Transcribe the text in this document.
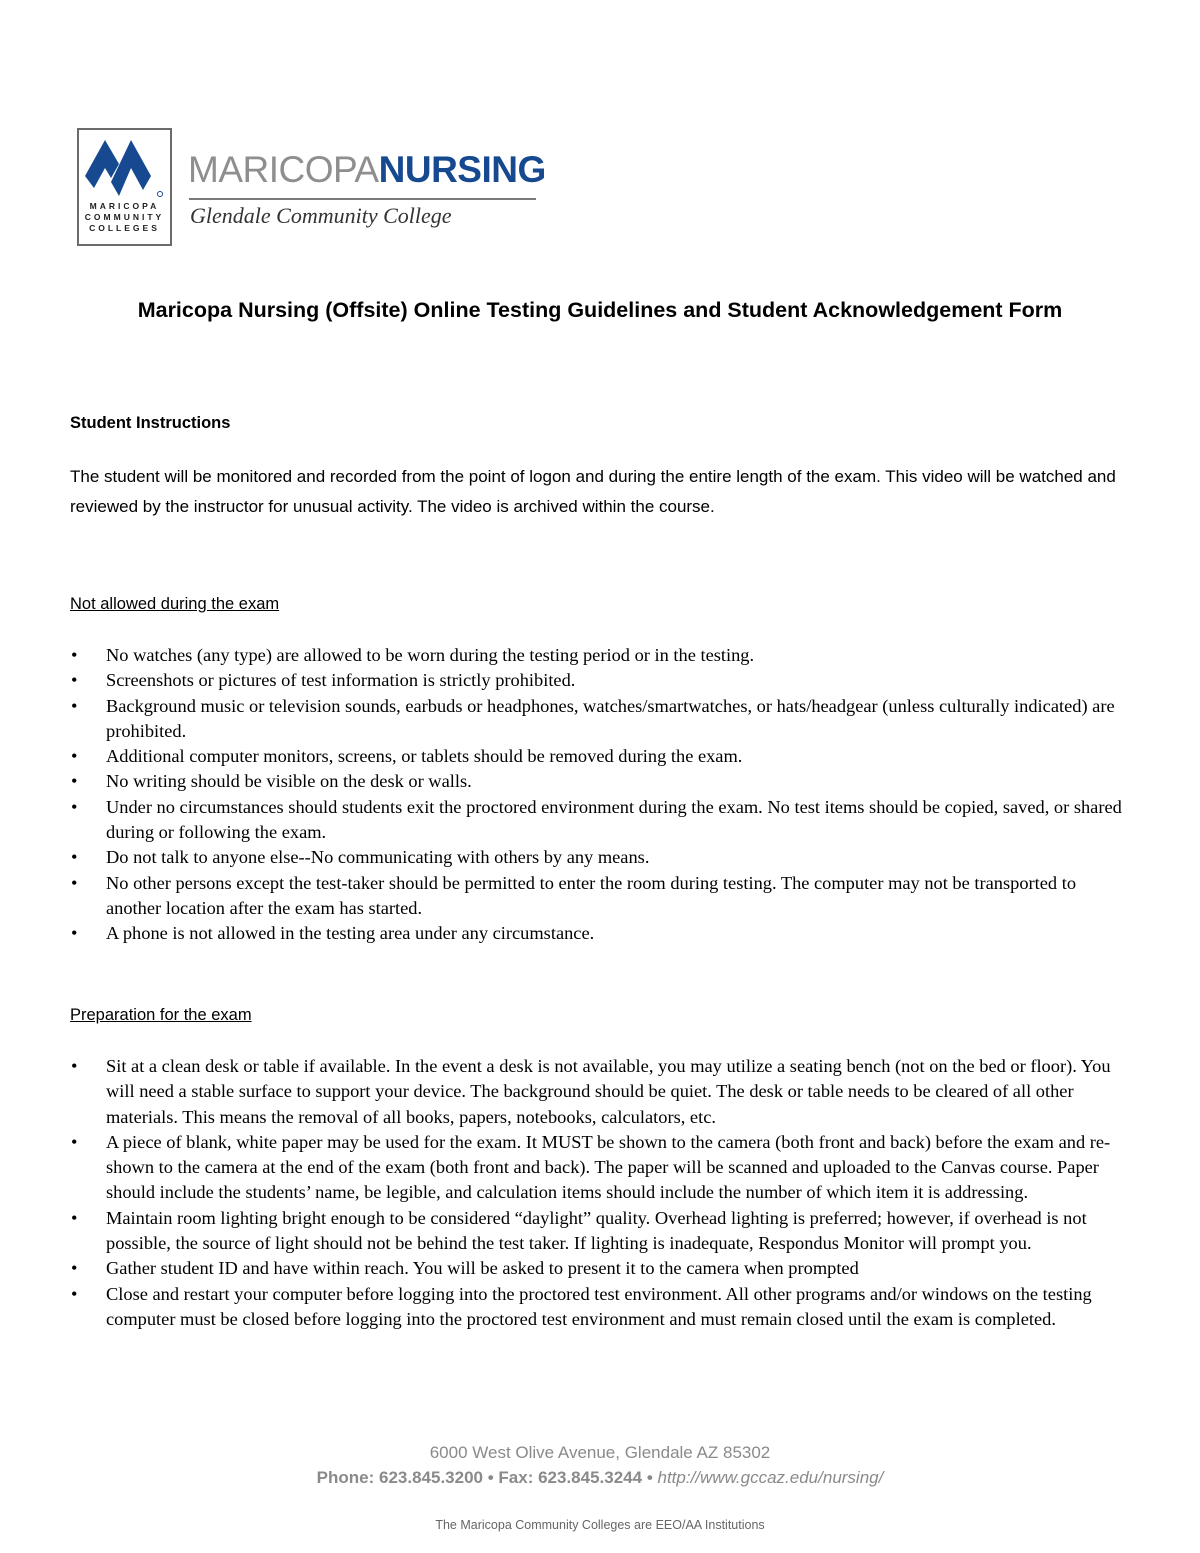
MARICOPA
COMMUNITY
COLLEGES
MARICOPANURSING
Glendale Community College
Maricopa Nursing (Offsite) Online Testing Guidelines and Student Acknowledgement Form
Student Instructions
The student will be monitored and recorded from the point of logon and during the entire length of the exam. This video will be watched and reviewed by the instructor for unusual activity. The video is archived within the course.
Not allowed during the exam
• No watches (any type) are allowed to be worn during the testing period or in the testing.
• Screenshots or pictures of test information is strictly prohibited.
• Background music or television sounds, earbuds or headphones, watches/smartwatches, or hats/headgear (unless culturally indicated) are prohibited.
• Additional computer monitors, screens, or tablets should be removed during the exam.
• No writing should be visible on the desk or walls.
• Under no circumstances should students exit the proctored environment during the exam. No test items should be copied, saved, or shared during or following the exam.
• Do not talk to anyone else--No communicating with others by any means.
• No other persons except the test-taker should be permitted to enter the room during testing. The computer may not be transported to another location after the exam has started.
• A phone is not allowed in the testing area under any circumstance.
Preparation for the exam
• Sit at a clean desk or table if available. In the event a desk is not available, you may utilize a seating bench (not on the bed or floor). You will need a stable surface to support your device. The background should be quiet. The desk or table needs to be cleared of all other materials. This means the removal of all books, papers, notebooks, calculators, etc.
• A piece of blank, white paper may be used for the exam. It MUST be shown to the camera (both front and back) before the exam and re-shown to the camera at the end of the exam (both front and back). The paper will be scanned and uploaded to the Canvas course. Paper should include the students’ name, be legible, and calculation items should include the number of which item it is addressing.
• Maintain room lighting bright enough to be considered “daylight” quality. Overhead lighting is preferred; however, if overhead is not possible, the source of light should not be behind the test taker. If lighting is inadequate, Respondus Monitor will prompt you.
• Gather student ID and have within reach. You will be asked to present it to the camera when prompted
• Close and restart your computer before logging into the proctored test environment. All other programs and/or windows on the testing computer must be closed before logging into the proctored test environment and must remain closed until the exam is completed.
6000 West Olive Avenue, Glendale AZ 85302
Phone: 623.845.3200 • Fax: 623.845.3244 • http://www.gccaz.edu/nursing/
The Maricopa Community Colleges are EEO/AA Institutions
